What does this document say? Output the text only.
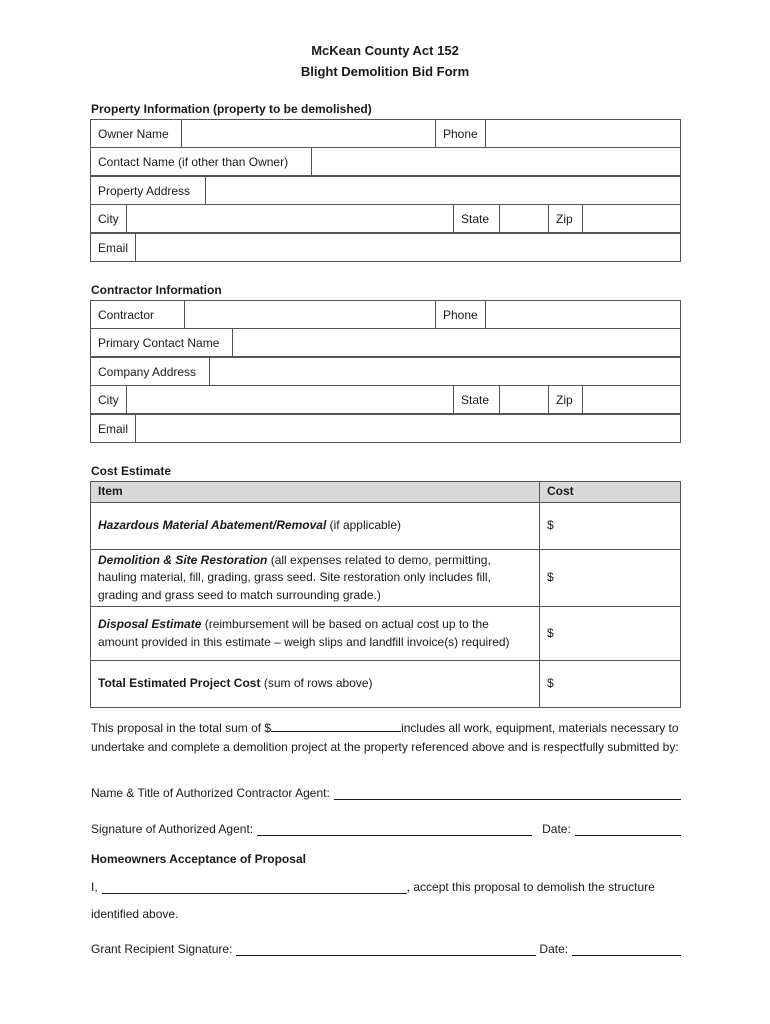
McKean County Act 152
Blight Demolition Bid Form
Property Information (property to be demolished)
Owner Name		Phone	
Contact Name (if other than Owner)	
Property Address	
City		State		Zip	
Email	
Contractor Information
Contractor		Phone	
Primary Contact Name	
Company Address	
City		State		Zip	
Email	
Cost Estimate
Item	Cost
Hazardous Material Abatement/Removal (if applicable)	$
Demolition & Site Restoration (all expenses related to demo, permitting, hauling material, fill, grading, grass seed. Site restoration only includes fill, grading and grass seed to match surrounding grade.)	$
Disposal Estimate (reimbursement will be based on actual cost up to the amount provided in this estimate – weigh slips and landfill invoice(s) required)	$
Total Estimated Project Cost (sum of rows above)	$
This proposal in the total sum of $	includes all work, equipment, materials necessary to undertake and complete a demolition project at the property referenced above and is respectfully submitted by:
Name & Title of Authorized Contractor Agent:
Signature of Authorized Agent:	Date:
Homeowners Acceptance of Proposal
I,	, accept this proposal to demolish the structure
identified above.
Grant Recipient Signature:	Date:
